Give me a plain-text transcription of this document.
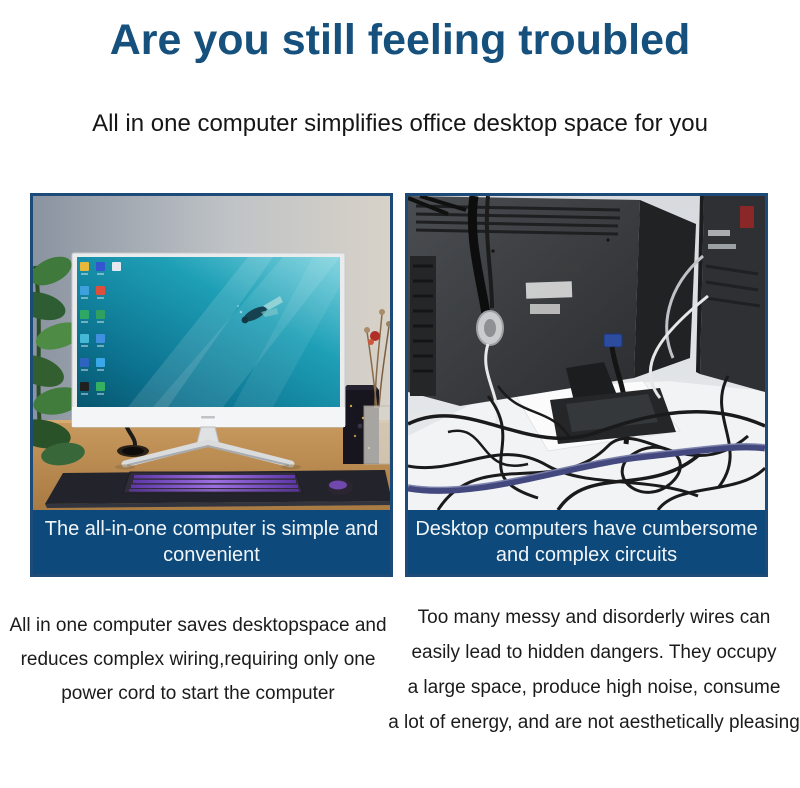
Are you still feeling troubled
All in one computer simplifies office desktop space for you
The all-in-one computer is simple and
convenient
Desktop computers have cumbersome
and complex circuits

All in one computer saves desktopspace and

reduces complex wiring,requiring only one

power cord to start the computer

Too many messy and disorderly wires can

easily lead to hidden dangers. They occupy

a large space, produce high noise, consume

a lot of energy, and are not aesthetically pleasing
